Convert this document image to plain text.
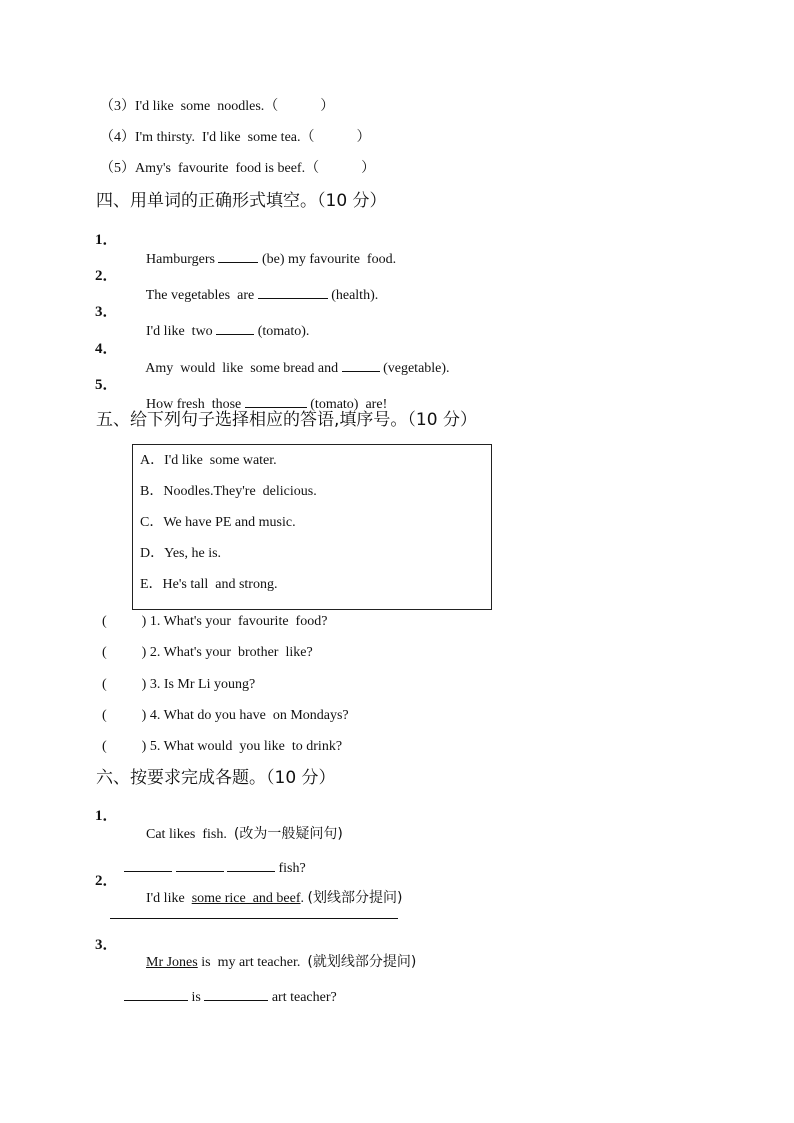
（3）I'd like  some  noodles.（            ）
（4）I'm thirsty.  I'd like  some tea.（            ）
（5）Amy's  favourite  food is beef.（            ）
四、用单词的正确形式填空。（10 分）
1．

Hamburgers	(be) my favourite  food.

2．

The vegetables  are	(health).

3．

I'd like  two	(tomato).

4．

Amy  would  like  some bread and	(vegetable).

5．

How fresh  those	(tomato)  are!

五、给下列句子选择相应的答语,填序号。（10 分）
A．I'd like  some water.
B．Noodles.They're  delicious.
C．We have PE and music.
D．Yes, he is.
E．He's tall  and strong.
(          ) 1. What's your  favourite  food?
(          ) 2. What's your  brother  like?
(          ) 3. Is Mr Li young?
(          ) 4. What do you have  on Mondays?
(          ) 5. What would  you like  to drink?
六、按要求完成各题。（10 分）
1．

Cat likes  fish.  (改为一般疑问句)

fish?

2．

I'd like  some rice  and beef. (划线部分提问)

3．

Mr Jones is  my art teacher.  (就划线部分提问)

is	art teacher?
